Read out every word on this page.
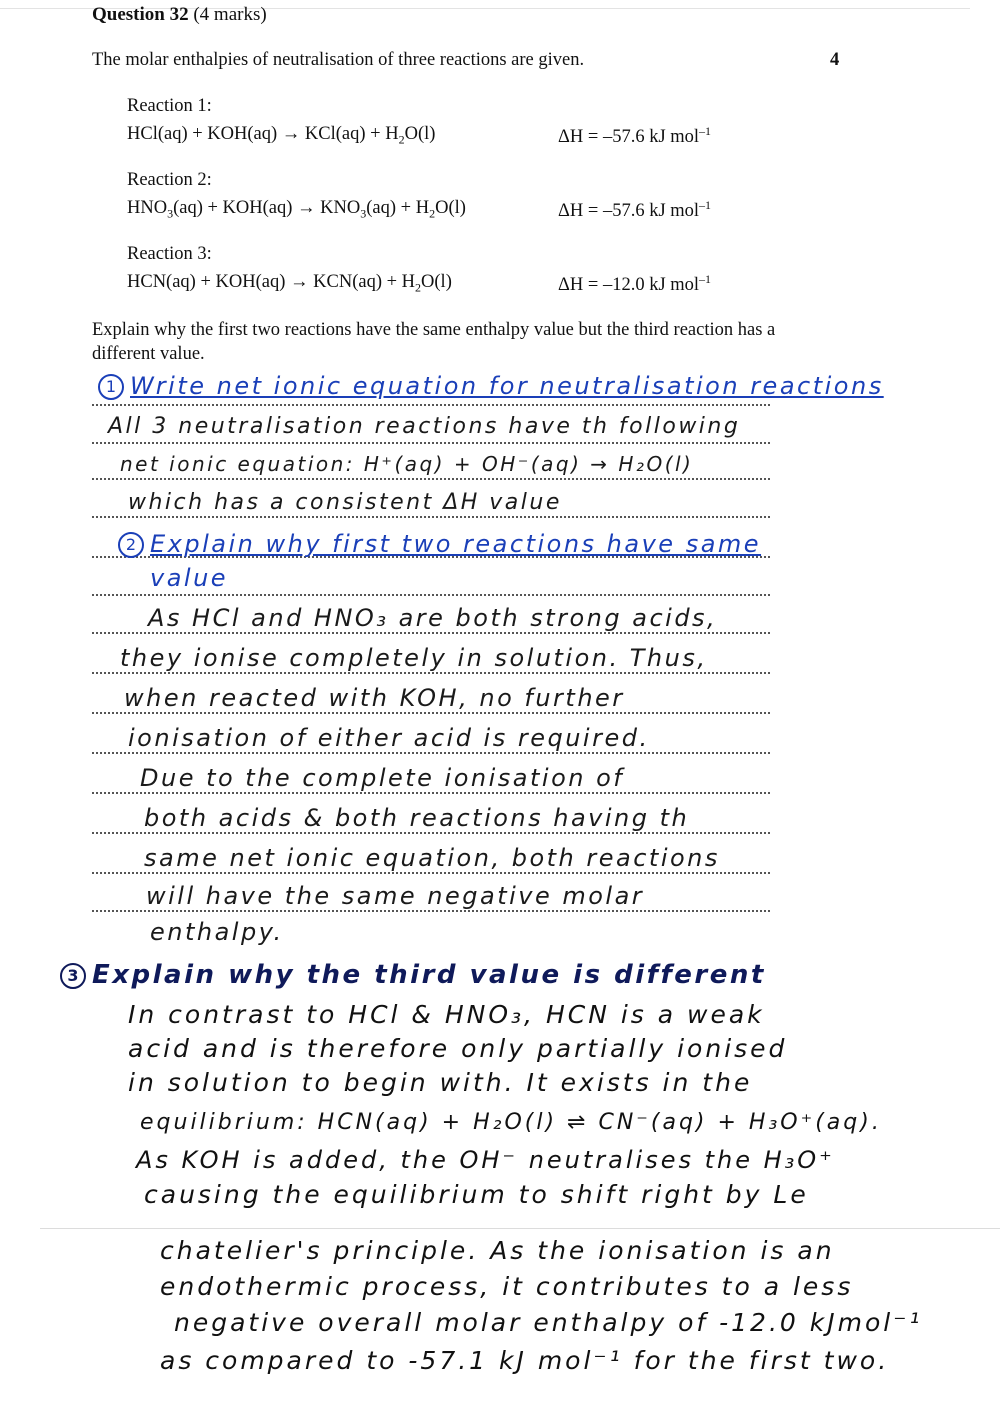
Question 32 (4 marks)
The molar enthalpies of neutralisation of three reactions are given.	4
Reaction 1:
$HCl(aq) + KOH(aq) \to KCl(aq) + H_2O(l)$	ΔH = –57.6 kJ mol$^{-1}$
Reaction 2:
$HNO_3(aq) + KOH(aq) \to KNO_3(aq) + H_2O(l)$	ΔH = –57.6 kJ mol$^{-1}$
Reaction 3:
$HCN(aq) + KOH(aq) \to KCN(aq) + H_2O(l)$	ΔH = –12.0 kJ mol$^{-1}$
Explain why the first two reactions have the same enthalpy value but the third reaction has a different value.
1 Write net ionic equation for neutralisation reactions
All 3 neutralisation reactions have th following
net ionic equation: H⁺(aq) + OH⁻(aq) → H₂O(l)
which has a consistent ΔH value
2 Explain why first two reactions have same
value
As HCl and HNO₃ are both strong acids,
they ionise completely in solution. Thus,
when reacted with KOH, no further
ionisation of either acid is required.
Due to the complete ionisation of
both acids & both reactions having th
same net ionic equation, both reactions
will have the same negative molar
enthalpy.
3 Explain why the third value is different
In contrast to HCl & HNO₃, HCN is a weak
acid and is therefore only partially ionised
in solution to begin with. It exists in the
equilibrium: HCN(aq) + H₂O(l) ⇌ CN⁻(aq) + H₃O⁺(aq).
As KOH is added, the OH⁻ neutralises the H₃O⁺
causing the equilibrium to shift right by Le
chatelier's principle. As the ionisation is an
endothermic process, it contributes to a less
negative overall molar enthalpy of -12.0 kJmol⁻¹
as compared to -57.1 kJ mol⁻¹ for the first two.
